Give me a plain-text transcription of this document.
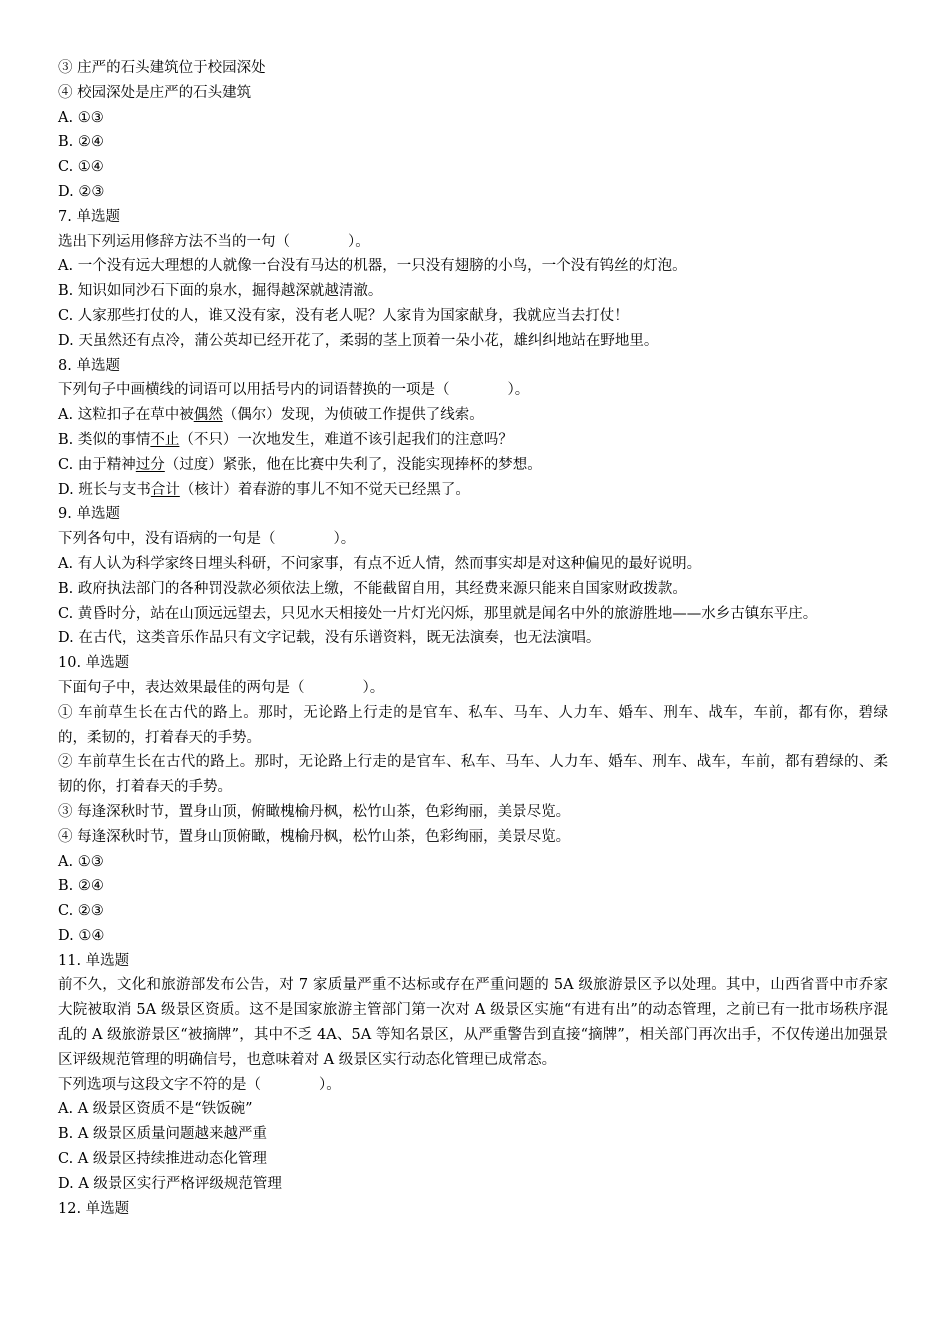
③ 庄严的石头建筑位于校园深处

④ 校园深处是庄严的石头建筑

A. ①③

B. ②④

C. ①④

D. ②③

7. 单选题

选出下列运用修辞方法不当的一句（　　　　）。

A. 一个没有远大理想的人就像一台没有马达的机器，一只没有翅膀的小鸟，一个没有钨丝的灯泡。

B. 知识如同沙石下面的泉水，掘得越深就越清澈。

C. 人家那些打仗的人，谁又没有家，没有老人呢？人家肯为国家献身，我就应当去打仗！

D. 天虽然还有点冷，蒲公英却已经开花了，柔弱的茎上顶着一朵小花，雄纠纠地站在野地里。

8. 单选题

下列句子中画横线的词语可以用括号内的词语替换的一项是（　　　　）。

A. 这粒扣子在草中被偶然（偶尔）发现，为侦破工作提供了线索。

B. 类似的事情不止（不只）一次地发生，难道不该引起我们的注意吗？

C. 由于精神过分（过度）紧张，他在比赛中失利了，没能实现捧杯的梦想。

D. 班长与支书合计（核计）着春游的事儿不知不觉天已经黑了。

9. 单选题

下列各句中，没有语病的一句是（　　　　）。

A. 有人认为科学家终日埋头科研，不问家事，有点不近人情，然而事实却是对这种偏见的最好说明。

B. 政府执法部门的各种罚没款必须依法上缴，不能截留自用，其经费来源只能来自国家财政拨款。

C. 黄昏时分，站在山顶远远望去，只见水天相接处一片灯光闪烁，那里就是闻名中外的旅游胜地——水乡古镇东平庄。

D. 在古代，这类音乐作品只有文字记载，没有乐谱资料，既无法演奏，也无法演唱。

10. 单选题

下面句子中，表达效果最佳的两句是（　　　　）。

① 车前草生长在古代的路上。那时，无论路上行走的是官车、私车、马车、人力车、婚车、刑车、战车，车前，都有你，碧绿的，柔韧的，打着春天的手势。

② 车前草生长在古代的路上。那时，无论路上行走的是官车、私车、马车、人力车、婚车、刑车、战车，车前，都有碧绿的、柔韧的你，打着春天的手势。

③ 每逢深秋时节，置身山顶，俯瞰槐榆丹枫，松竹山茶，色彩绚丽，美景尽览。

④ 每逢深秋时节，置身山顶俯瞰，槐榆丹枫，松竹山茶，色彩绚丽，美景尽览。

A. ①③

B. ②④

C. ②③

D. ①④

11. 单选题

前不久，文化和旅游部发布公告，对 7 家质量严重不达标或存在严重问题的 5A 级旅游景区予以处理。其中，山西省晋中市乔家大院被取消 5A 级景区资质。这不是国家旅游主管部门第一次对 A 级景区实施“有进有出”的动态管理，之前已有一批市场秩序混乱的 A 级旅游景区“被摘牌”，其中不乏 4A、5A 等知名景区，从严重警告到直接“摘牌”，相关部门再次出手，不仅传递出加强景区评级规范管理的明确信号，也意味着对 A 级景区实行动态化管理已成常态。

下列选项与这段文字不符的是（　　　　）。

A. A 级景区资质不是“铁饭碗”

B. A 级景区质量问题越来越严重

C. A 级景区持续推进动态化管理

D. A 级景区实行严格评级规范管理

12. 单选题
